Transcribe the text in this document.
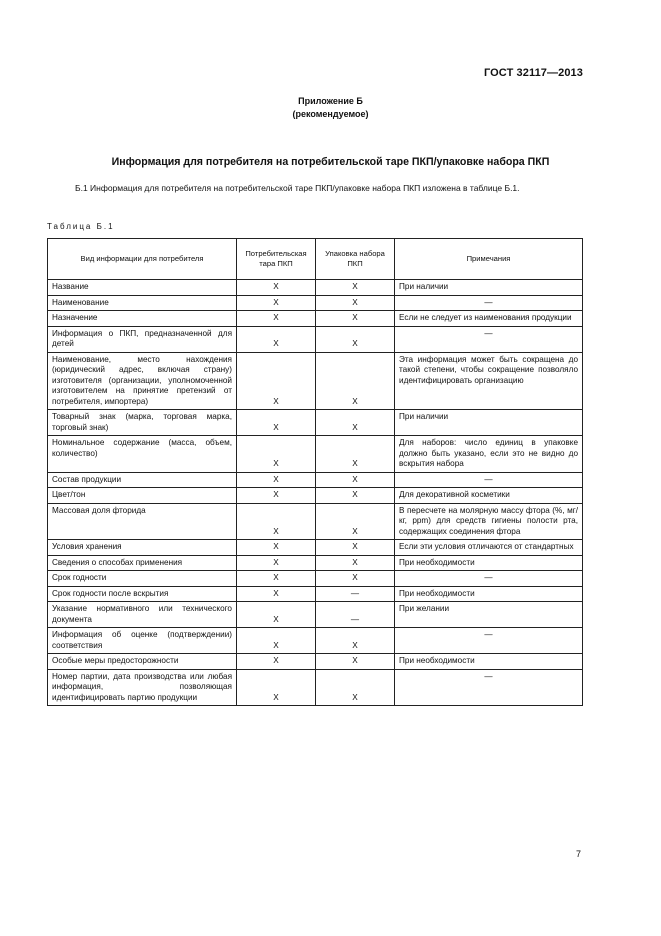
ГОСТ 32117—2013
Приложение Б
(рекомендуемое)
Информация для потребителя на потребительской таре ПКП/упаковке набора ПКП
Б.1 Информация для потребителя на потребительской таре ПКП/упаковке набора ПКП изложена в таблице Б.1.
Таблица Б.1
Вид информации для потребителя	Потребительская тара ПКП	Упаковка набора ПКП	Примечания
Название	X	X	При наличии
Наименование	X	X	—
Назначение	X	X	Если не следует из наименования продукции
Информация о ПКП, предназначенной для детей	X	X	—
Наименование, место нахождения (юридический адрес, включая страну) изготовителя (организации, уполномоченной изготовителем на принятие претензий от потребителя, импортера)	X	X	Эта информация может быть сокращена до такой степени, чтобы сокращение позволяло идентифицировать организацию
Товарный знак (марка, торговая марка, торговый знак)	X	X	При наличии
Номинальное содержание (масса, объем, количество)	X	X	Для наборов: число единиц в упаковке должно быть указано, если это не видно до вскрытия набора
Состав продукции	X	X	—
Цвет/тон	X	X	Для декоративной косметики
Массовая доля фторида	X	X	В пересчете на молярную массу фтора (%, мг/кг, ppm) для средств гигиены полости рта, содержащих соединения фтора
Условия хранения	X	X	Если эти условия отличаются от стандартных
Сведения о способах применения	X	X	При необходимости
Срок годности	X	X	—
Срок годности после вскрытия	X	—	При необходимости
Указание нормативного или технического документа	X	—	При желании
Информация об оценке (подтверждении) соответствия	X	X	—
Особые меры предосторожности	X	X	При необходимости
Номер партии, дата производства или любая информация, позволяющая идентифицировать партию продукции	X	X	—
7
